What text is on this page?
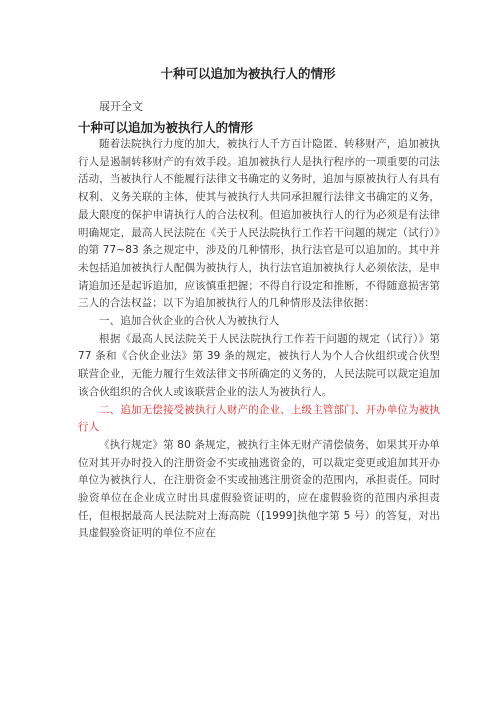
十种可以追加为被执行人的情形
展开全文
十种可以追加为被执行人的情形

随着法院执行力度的加大，被执行人千方百计隐匿、转移财产，追加被执行人是遏制转移财产的有效手段。追加被执行人是执行程序的一项重要的司法活动，当被执行人不能履行法律文书确定的义务时，追加与原被执行人有具有权利、义务关联的主体，使其与被执行人共同承担履行法律文书确定的义务，最大限度的保护申请执行人的合法权利。但追加被执行人的行为必须是有法律明确规定，最高人民法院在《关于人民法院执行工作若干问题的规定（试行）》的第 77~83 条之规定中，涉及的几种情形，执行法官是可以追加的。其中并未包括追加被执行人配偶为被执行人，执行法官追加被执行人必须依法，是申请追加还是起诉追加，应该慎重把握；不得自行设定和推断，不得随意损害第三人的合法权益；以下为追加被执行人的几种情形及法律依据：

一、追加合伙企业的合伙人为被执行人

根据《最高人民法院关于人民法院执行工作若干问题的规定（试行）》第 77 条和《合伙企业法》第 39 条的规定，被执行人为个人合伙组织或合伙型联营企业，无能力履行生效法律文书所确定的义务的，人民法院可以裁定追加该合伙组织的合伙人或该联营企业的法人为被执行人。

二、追加无偿接受被执行人财产的企业、上级主管部门、开办单位为被执行人

《执行规定》第 80 条规定，被执行主体无财产清偿债务，如果其开办单位对其开办时投入的注册资金不实或抽逃资金的，可以裁定变更或追加其开办单位为被执行人，在注册资金不实或抽逃注册资金的范围内，承担责任。同时验资单位在企业成立时出具虚假验资证明的，应在虚假验资的范围内承担责任，但根据最高人民法院对上海高院（[1999]执他字第 5 号）的答复，对出具虚假验资证明的单位不应在
